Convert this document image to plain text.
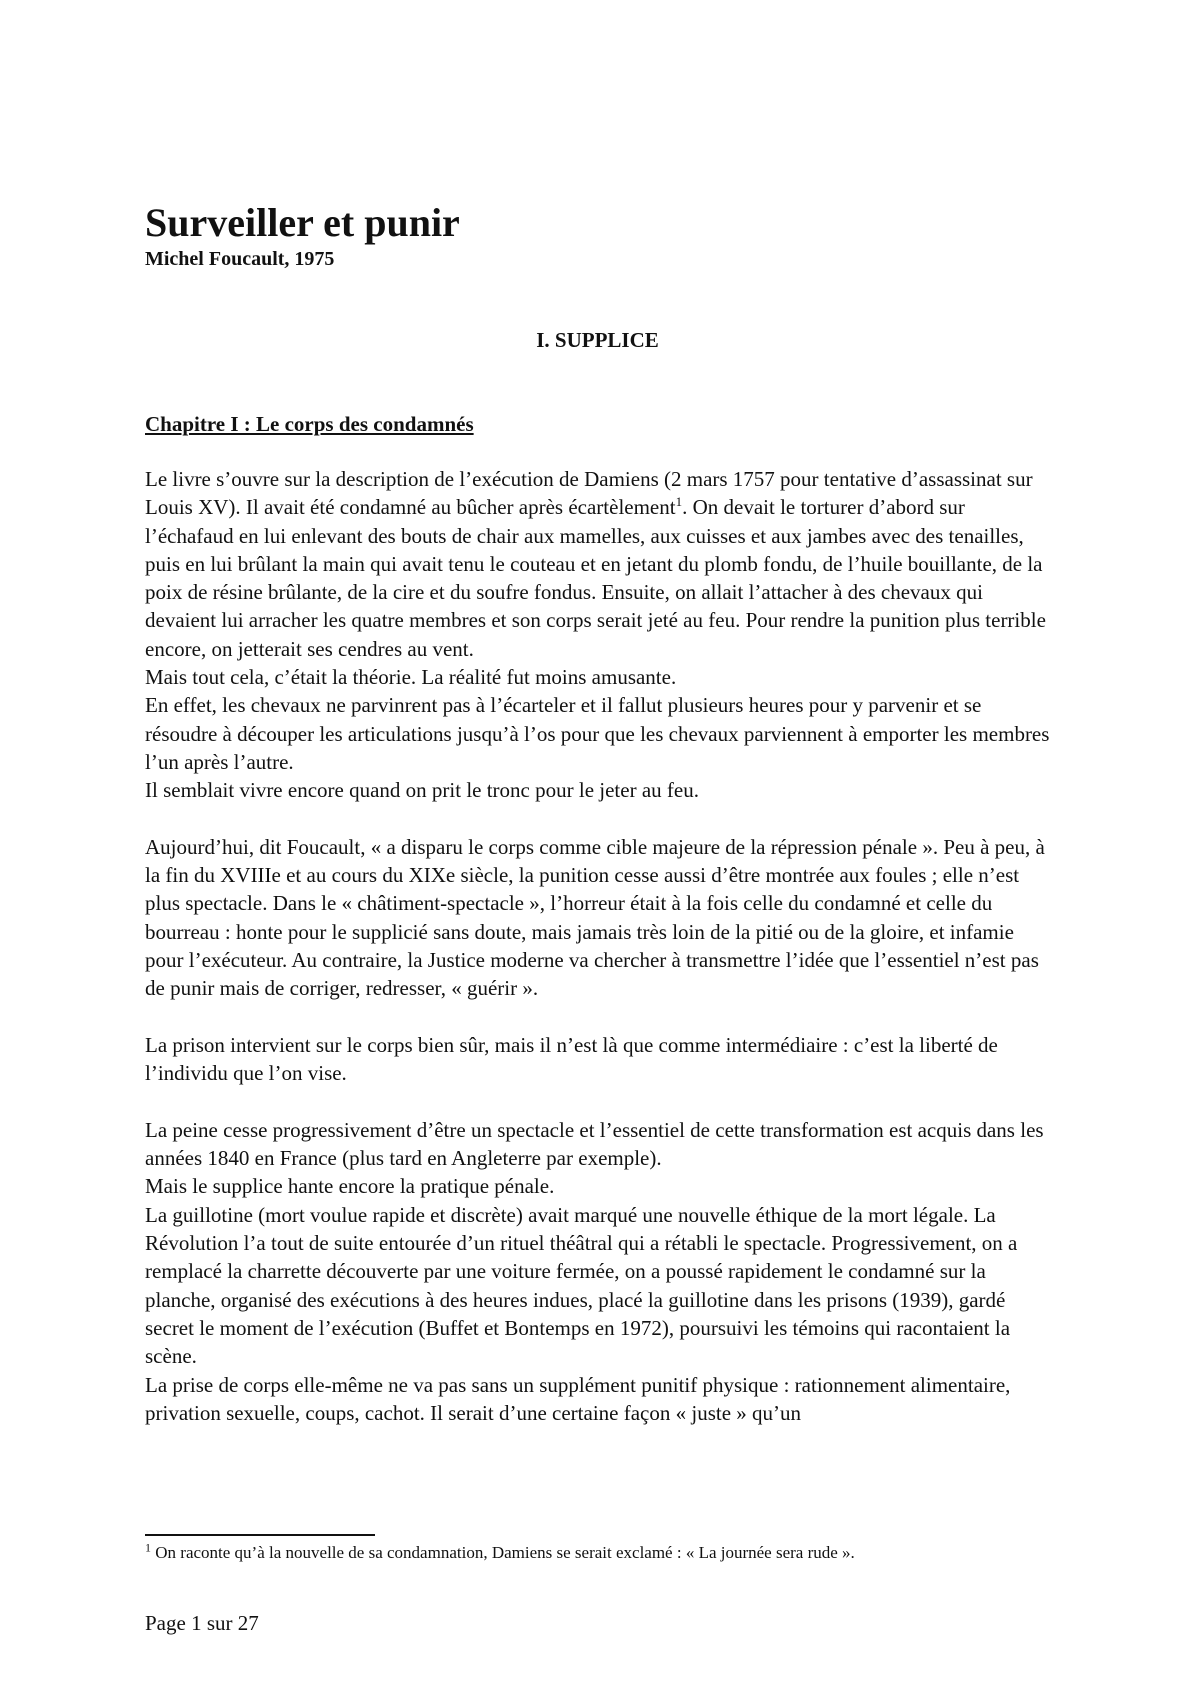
Surveiller et punir
Michel Foucault, 1975
I. SUPPLICE
Chapitre I : Le corps des condamnés

Le livre s’ouvre sur la description de l’exécution de Damiens (2 mars 1757 pour tentative d’assassinat sur Louis XV). Il avait été condamné au bûcher après écartèlement$^1$. On devait le torturer d’abord sur l’échafaud en lui enlevant des bouts de chair aux mamelles, aux cuisses et aux jambes avec des tenailles, puis en lui brûlant la main qui avait tenu le couteau et en jetant du plomb fondu, de l’huile bouillante, de la poix de résine brûlante, de la cire et du soufre fondus. Ensuite, on allait l’attacher à des chevaux qui devaient lui arracher les quatre membres et son corps serait jeté au feu. Pour rendre la punition plus terrible encore, on jetterait ses cendres au vent.

Mais tout cela, c’était la théorie. La réalité fut moins amusante.

En effet, les chevaux ne parvinrent pas à l’écarteler et il fallut plusieurs heures pour y parvenir et se résoudre à découper les articulations jusqu’à l’os pour que les chevaux parviennent à emporter les membres l’un après l’autre.

Il semblait vivre encore quand on prit le tronc pour le jeter au feu.

Aujourd’hui, dit Foucault, « a disparu le corps comme cible majeure de la répression pénale ». Peu à peu, à la fin du XVIIIe et au cours du XIXe siècle, la punition cesse aussi d’être montrée aux foules ; elle n’est plus spectacle. Dans le « châtiment-spectacle », l’horreur était à la fois celle du condamné et celle du bourreau : honte pour le supplicié sans doute, mais jamais très loin de la pitié ou de la gloire, et infamie pour l’exécuteur. Au contraire, la Justice moderne va chercher à transmettre l’idée que l’essentiel n’est pas de punir mais de corriger, redresser, « guérir ».

La prison intervient sur le corps bien sûr, mais il n’est là que comme intermédiaire : c’est la liberté de l’individu que l’on vise.

La peine cesse progressivement d’être un spectacle et l’essentiel de cette transformation est acquis dans les années 1840 en France (plus tard en Angleterre par exemple).

Mais le supplice hante encore la pratique pénale.

La guillotine (mort voulue rapide et discrète) avait marqué une nouvelle éthique de la mort légale. La Révolution l’a tout de suite entourée d’un rituel théâtral qui a rétabli le spectacle. Progressivement, on a remplacé la charrette découverte par une voiture fermée, on a poussé rapidement le condamné sur la planche, organisé des exécutions à des heures indues, placé la guillotine dans les prisons (1939), gardé secret le moment de l’exécution (Buffet et Bontemps en 1972), poursuivi les témoins qui racontaient la scène.

La prise de corps elle-même ne va pas sans un supplément punitif physique : rationnement alimentaire, privation sexuelle, coups, cachot. Il serait d’une certaine façon « juste » qu’un

$^1$ On raconte qu’à la nouvelle de sa condamnation, Damiens se serait exclamé : « La journée sera rude ».
Page 1 sur 27
